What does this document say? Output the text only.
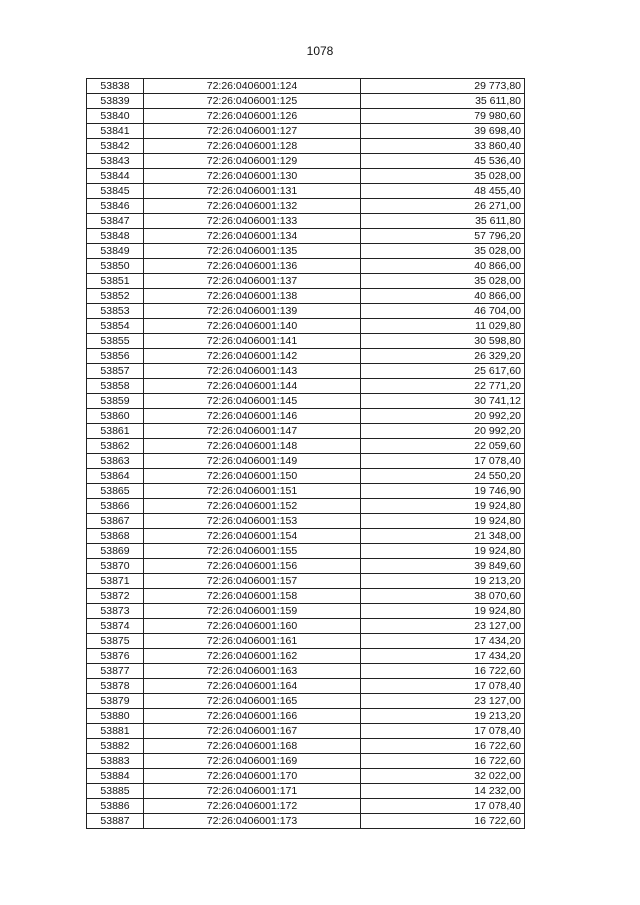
1078
53838	72:26:0406001:124	29 773,80
53839	72:26:0406001:125	35 611,80
53840	72:26:0406001:126	79 980,60
53841	72:26:0406001:127	39 698,40
53842	72:26:0406001:128	33 860,40
53843	72:26:0406001:129	45 536,40
53844	72:26:0406001:130	35 028,00
53845	72:26:0406001:131	48 455,40
53846	72:26:0406001:132	26 271,00
53847	72:26:0406001:133	35 611,80
53848	72:26:0406001:134	57 796,20
53849	72:26:0406001:135	35 028,00
53850	72:26:0406001:136	40 866,00
53851	72:26:0406001:137	35 028,00
53852	72:26:0406001:138	40 866,00
53853	72:26:0406001:139	46 704,00
53854	72:26:0406001:140	11 029,80
53855	72:26:0406001:141	30 598,80
53856	72:26:0406001:142	26 329,20
53857	72:26:0406001:143	25 617,60
53858	72:26:0406001:144	22 771,20
53859	72:26:0406001:145	30 741,12
53860	72:26:0406001:146	20 992,20
53861	72:26:0406001:147	20 992,20
53862	72:26:0406001:148	22 059,60
53863	72:26:0406001:149	17 078,40
53864	72:26:0406001:150	24 550,20
53865	72:26:0406001:151	19 746,90
53866	72:26:0406001:152	19 924,80
53867	72:26:0406001:153	19 924,80
53868	72:26:0406001:154	21 348,00
53869	72:26:0406001:155	19 924,80
53870	72:26:0406001:156	39 849,60
53871	72:26:0406001:157	19 213,20
53872	72:26:0406001:158	38 070,60
53873	72:26:0406001:159	19 924,80
53874	72:26:0406001:160	23 127,00
53875	72:26:0406001:161	17 434,20
53876	72:26:0406001:162	17 434,20
53877	72:26:0406001:163	16 722,60
53878	72:26:0406001:164	17 078,40
53879	72:26:0406001:165	23 127,00
53880	72:26:0406001:166	19 213,20
53881	72:26:0406001:167	17 078,40
53882	72:26:0406001:168	16 722,60
53883	72:26:0406001:169	16 722,60
53884	72:26:0406001:170	32 022,00
53885	72:26:0406001:171	14 232,00
53886	72:26:0406001:172	17 078,40
53887	72:26:0406001:173	16 722,60
